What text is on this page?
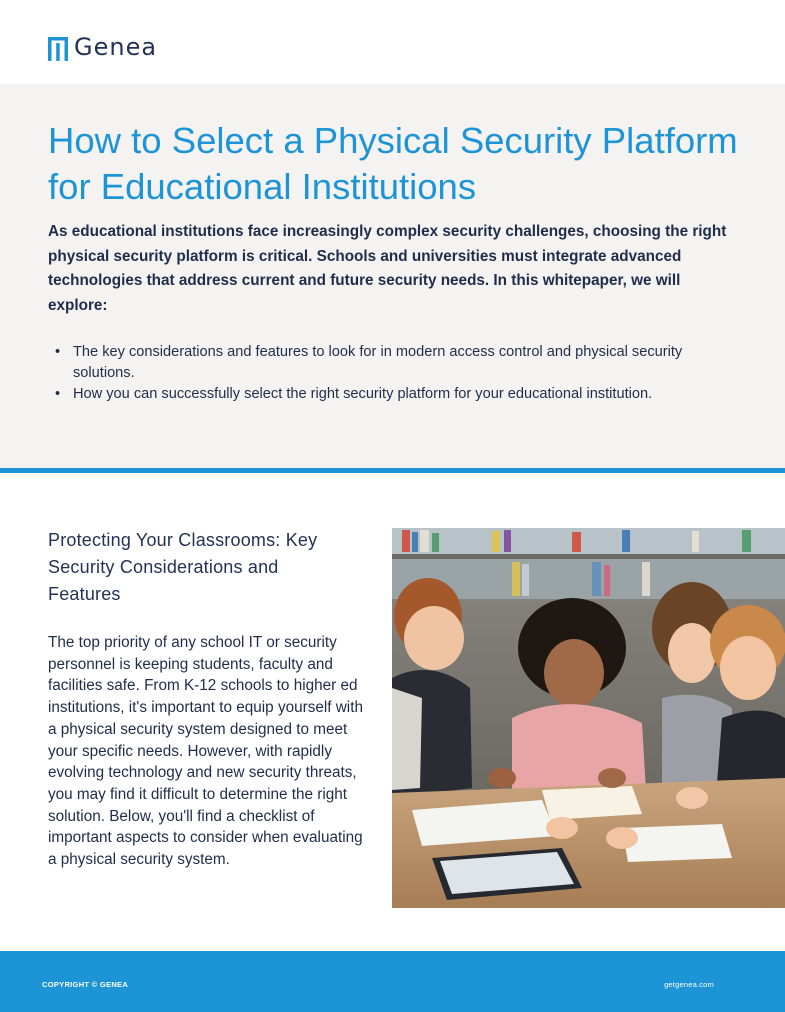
Genea
How to Select a Physical Security Platform for Educational Institutions

As educational institutions face increasingly complex security challenges, choosing the right physical security platform is critical. Schools and universities must integrate advanced technologies that address current and future security needs. In this whitepaper, we will explore:

• The key considerations and features to look for in modern access control and physical security solutions.
• How you can successfully select the right security platform for your educational institution.
Protecting Your Classrooms: Key Security Considerations and Features

The top priority of any school IT or security personnel is keeping students, faculty and facilities safe. From K-12 schools to higher ed institutions, it's important to equip yourself with a physical security system designed to meet your specific needs. However, with rapidly evolving technology and new security threats, you may find it difficult to determine the right solution. Below, you'll find a checklist of important aspects to consider when evaluating a physical security system.

COPYRIGHT © GENEA	getgenea.com
